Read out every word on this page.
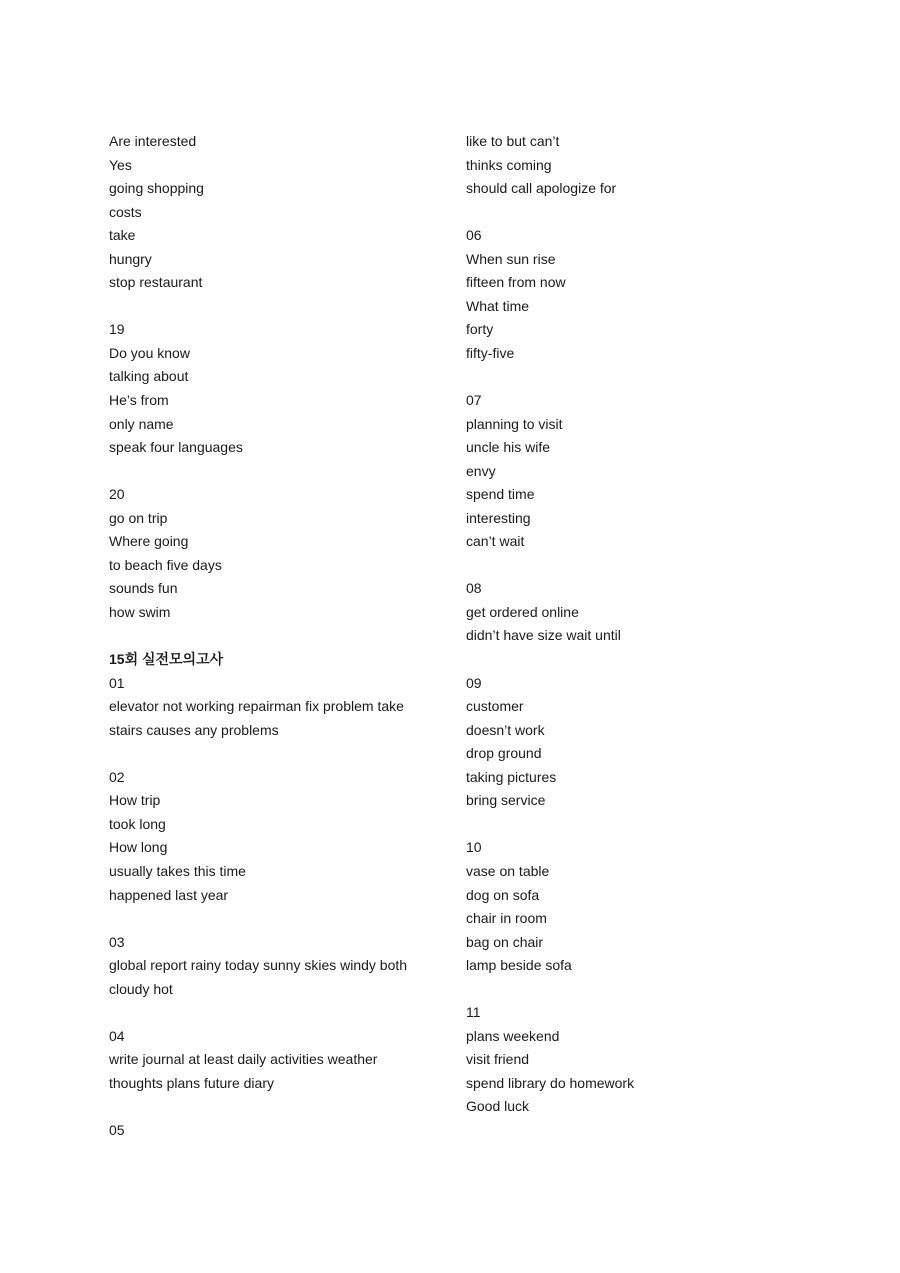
Are interested
Yes
going shopping
costs
take
hungry
stop restaurant
19
Do you know
talking about
He’s from
only name
speak four languages
20
go on trip
Where going
to beach five days
sounds fun
how swim
15회 실전모의고사
01
elevator not working repairman fix problem take
stairs causes any problems
02
How trip
took long
How long
usually takes this time
happened last year
03
global report rainy today sunny skies windy both
cloudy hot
04
write journal at least daily activities weather
thoughts plans future diary
05
like to but can’t
thinks coming
should call apologize for
06
When sun rise
fifteen from now
What time
forty
fifty-five
07
planning to visit
uncle his wife
envy
spend time
interesting
can’t wait
08
get ordered online
didn’t have size wait until
09
customer
doesn’t work
drop ground
taking pictures
bring service
10
vase on table
dog on sofa
chair in room
bag on chair
lamp beside sofa
11
plans weekend
visit friend
spend library do homework
Good luck
